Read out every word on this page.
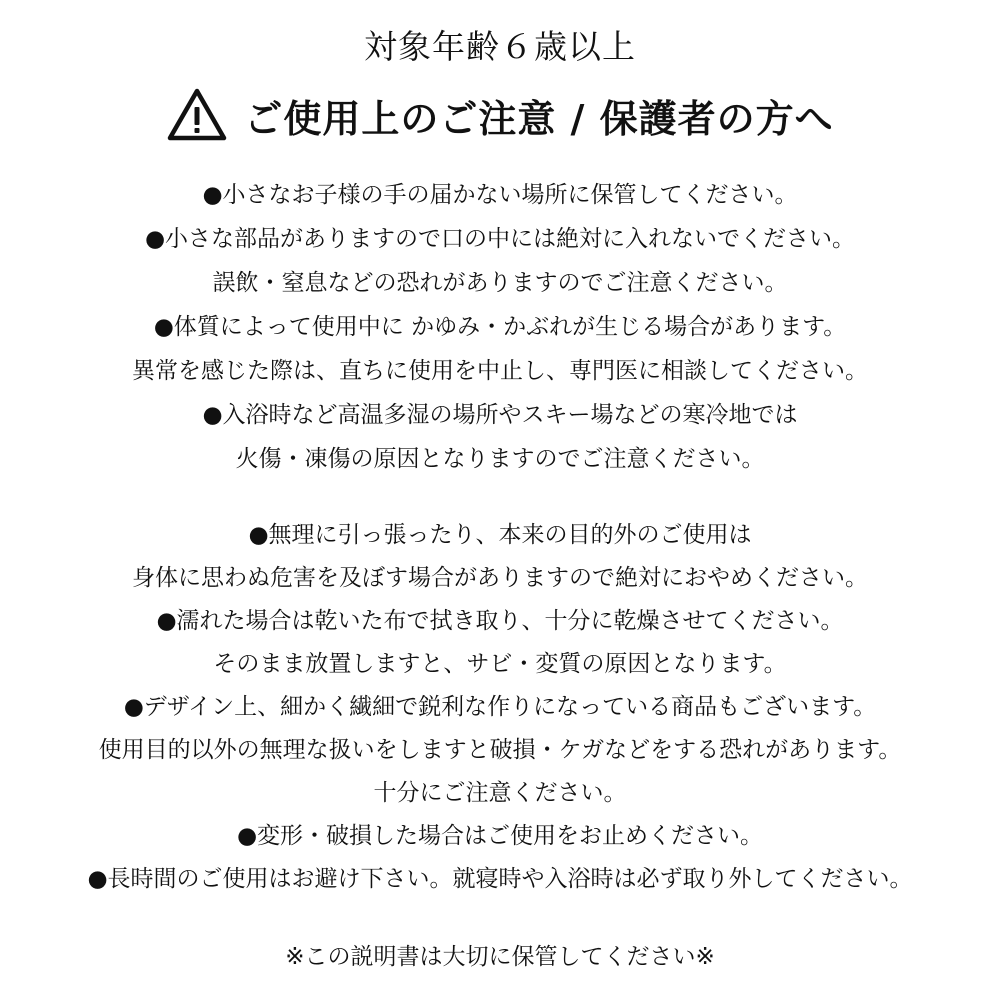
対象年齢６歳以上
ご使用上のご注意 / 保護者の方へ
●小さなお子様の手の届かない場所に保管してください。
●小さな部品がありますので口の中には絶対に入れないでください。
誤飲・窒息などの恐れがありますのでご注意ください。
●体質によって使用中に かゆみ・かぶれが生じる場合があります。
異常を感じた際は、直ちに使用を中止し、専門医に相談してください。
●入浴時など高温多湿の場所やスキー場などの寒冷地では
火傷・凍傷の原因となりますのでご注意ください。
●無理に引っ張ったり、本来の目的外のご使用は
身体に思わぬ危害を及ぼす場合がありますので絶対におやめください。
●濡れた場合は乾いた布で拭き取り、十分に乾燥させてください。
そのまま放置しますと、サビ・変質の原因となります。
●デザイン上、細かく繊細で鋭利な作りになっている商品もございます。
使用目的以外の無理な扱いをしますと破損・ケガなどをする恐れがあります。
十分にご注意ください。
●変形・破損した場合はご使用をお止めください。
●長時間のご使用はお避け下さい。就寝時や入浴時は必ず取り外してください。
※この説明書は大切に保管してください※
